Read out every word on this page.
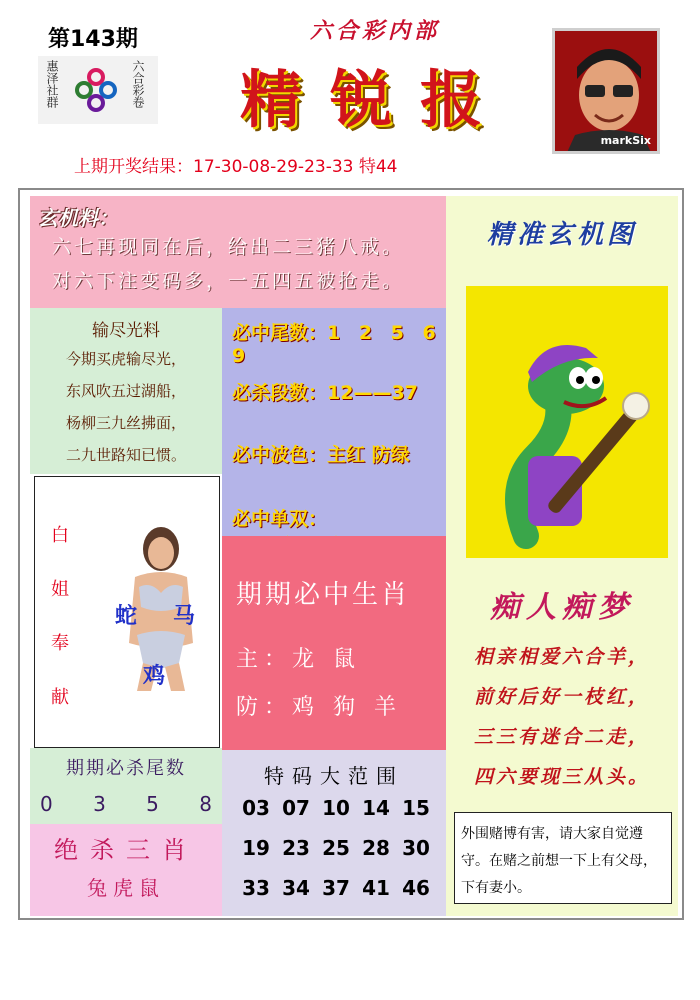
第143期
惠泽社群	六合彩卷
六合彩内部
精锐报
markSix
上期开奖结果：17-30-08-29-23-33 特44
玄机料：
六七再现同在后，给出二三猪八戒。
对六下注变码多，一五四五被抢走。
输尽光料
今期买虎输尽光，
东风吹五过湖船，
杨柳三九丝拂面，
二九世路知已惯。
必中尾数：1 2 5 6 9
必杀段数：12——37
必中波色：主红 防绿
必中单双：
白
姐
奉
献
蛇 马
鸡
期期必中生肖
主：龙 鼠
防：鸡 狗 羊
期期必杀尾数
0 3 5 8
绝杀三肖
兔虎鼠
特码大范围
03 07 10 14 15
19 23 25 28 30
33 34 37 41 46
精准玄机图
痴人痴梦
相亲相爱六合羊，
前好后好一枝红，
三三有迷合二走，
四六要现三从头。
外围赌博有害，请大家自觉遵守。在赌之前想一下上有父母，下有妻小。
